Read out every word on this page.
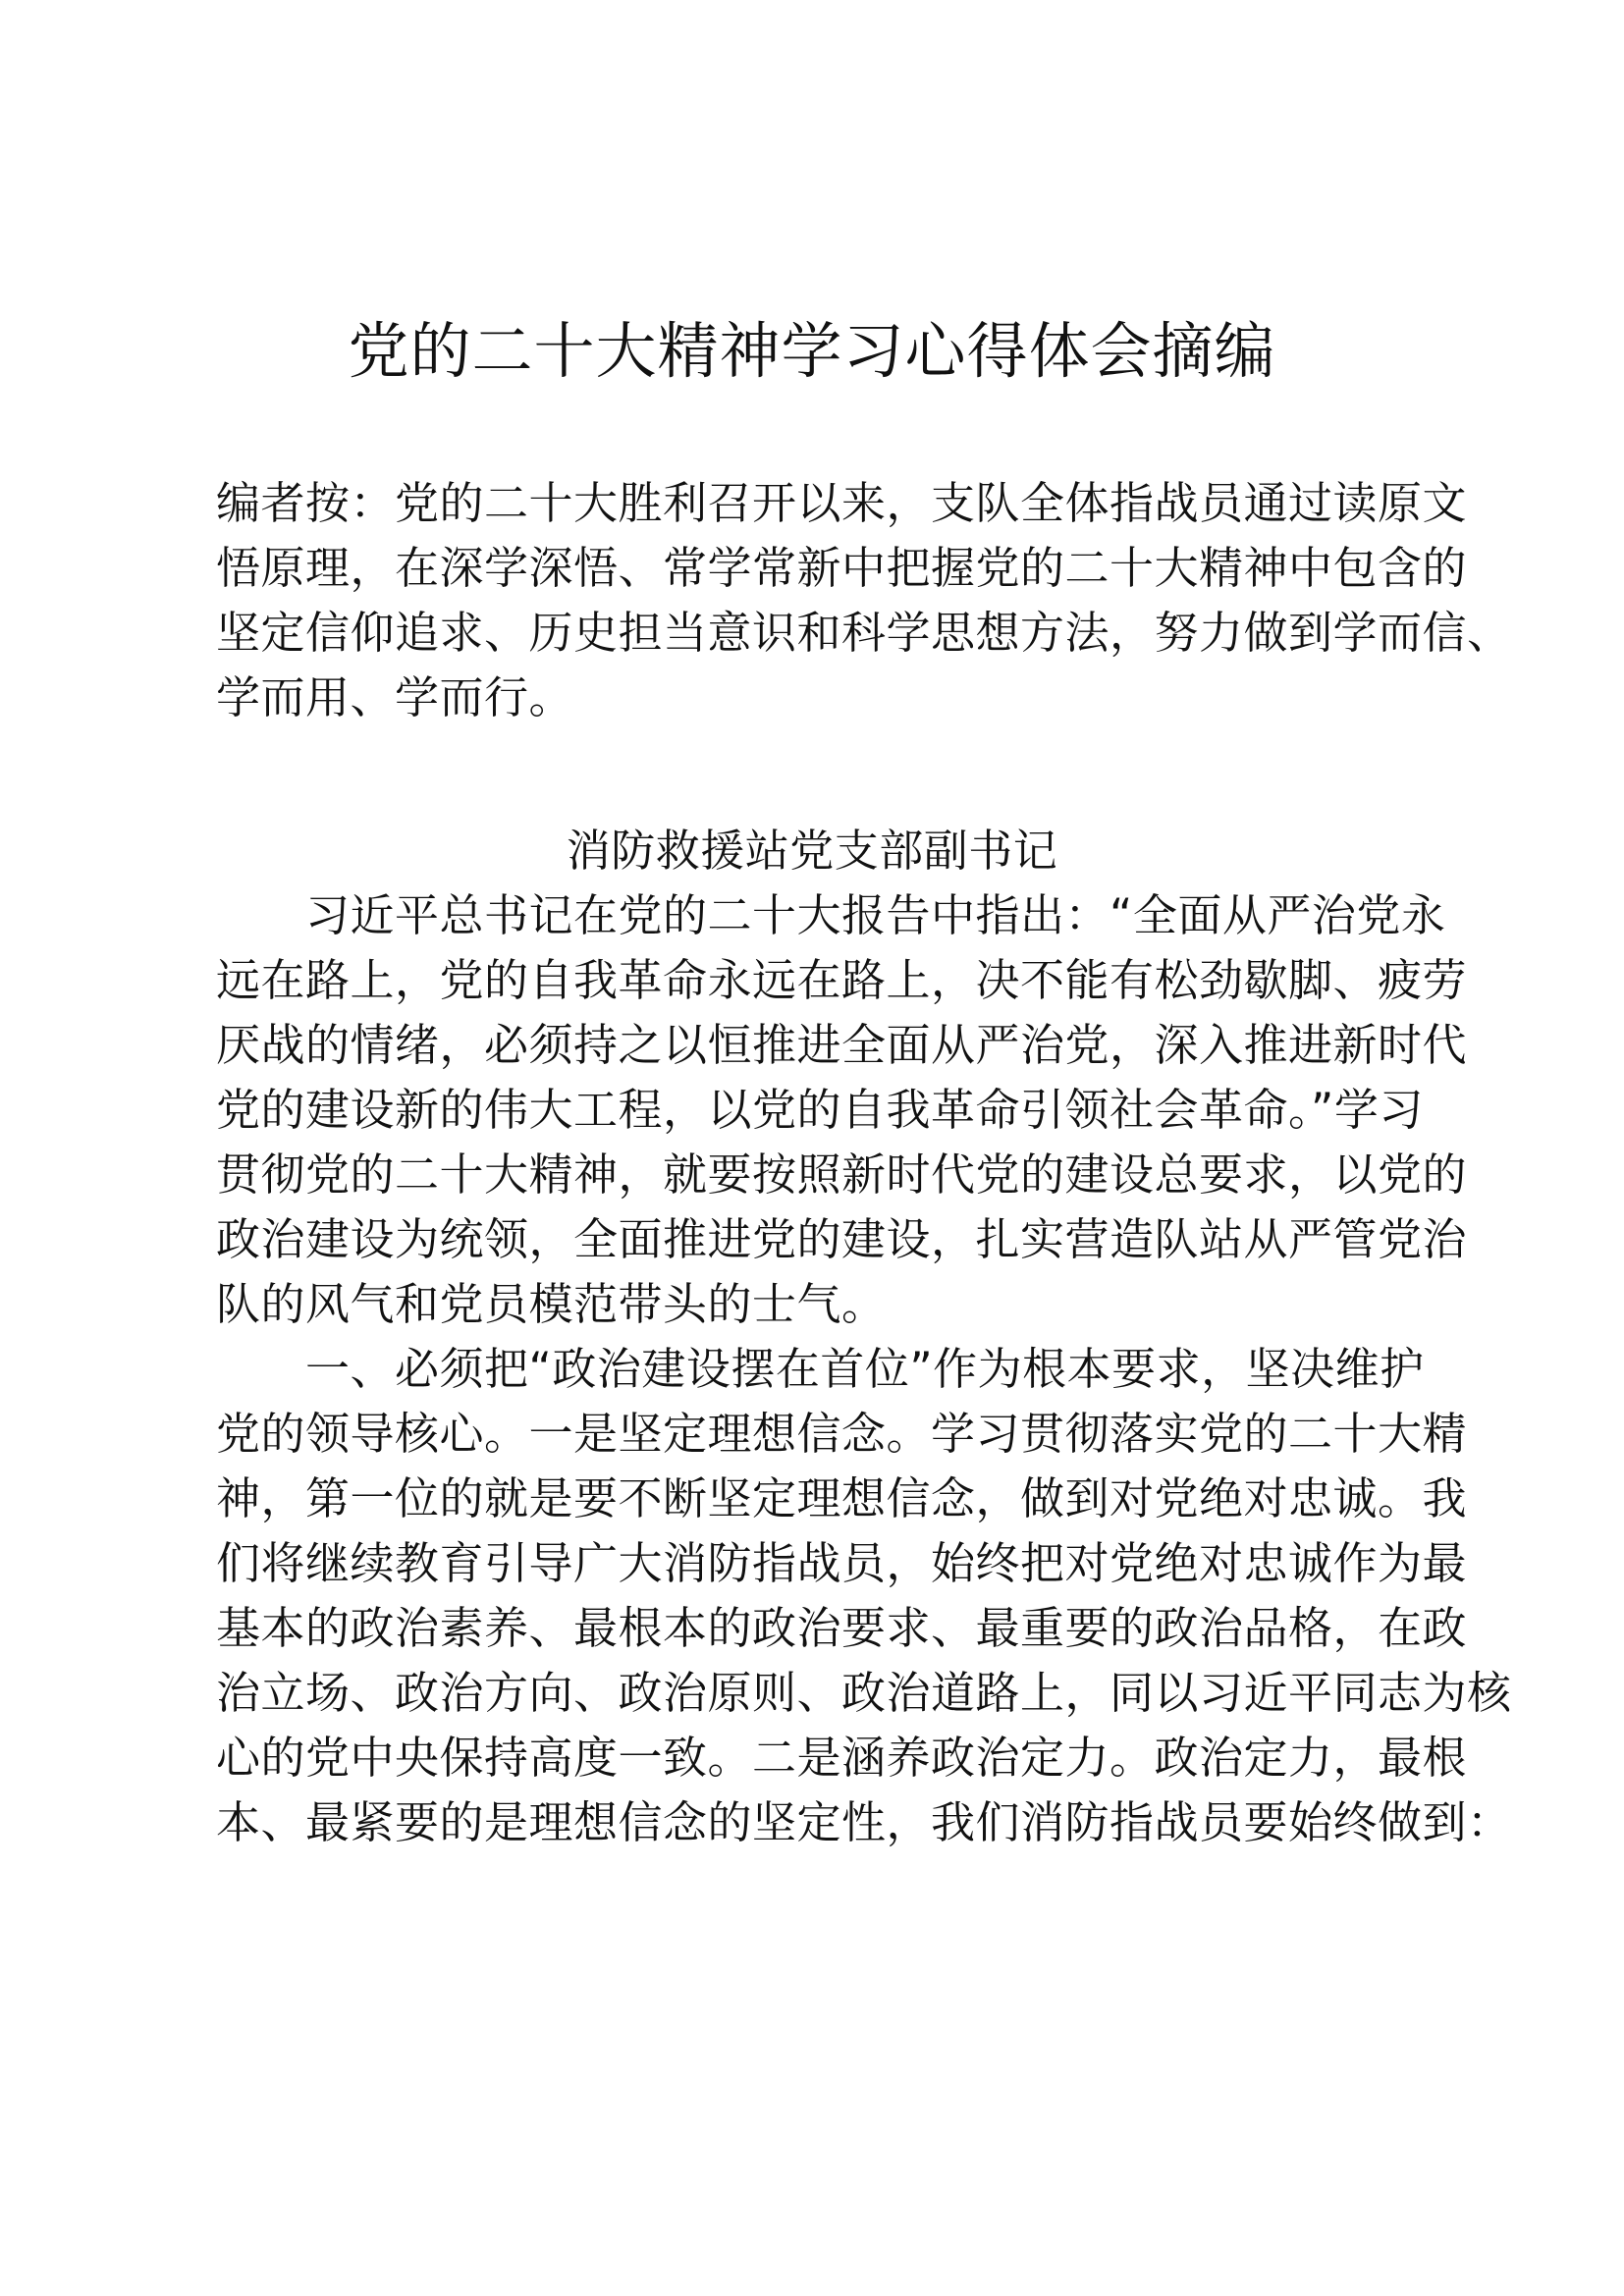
党的二十大精神学习心得体会摘编
编者按：党的二十大胜利召开以来，支队全体指战员通过读原文
悟原理，在深学深悟、常学常新中把握党的二十大精神中包含的
坚定信仰追求、历史担当意识和科学思想方法，努力做到学而信、
学而用、学而行。
消防救援站党支部副书记
　　习近平总书记在党的二十大报告中指出：“全面从严治党永
远在路上，党的自我革命永远在路上，决不能有松劲歇脚、疲劳
厌战的情绪，必须持之以恒推进全面从严治党，深入推进新时代
党的建设新的伟大工程，以党的自我革命引领社会革命。”学习
贯彻党的二十大精神，就要按照新时代党的建设总要求，以党的
政治建设为统领，全面推进党的建设，扎实营造队站从严管党治
队的风气和党员模范带头的士气。
　　一、必须把“政治建设摆在首位”作为根本要求，坚决维护
党的领导核心。一是坚定理想信念。学习贯彻落实党的二十大精
神，第一位的就是要不断坚定理想信念，做到对党绝对忠诚。我
们将继续教育引导广大消防指战员，始终把对党绝对忠诚作为最
基本的政治素养、最根本的政治要求、最重要的政治品格，在政
治立场、政治方向、政治原则、政治道路上，同以习近平同志为核
心的党中央保持高度一致。二是涵养政治定力。政治定力，最根
本、最紧要的是理想信念的坚定性，我们消防指战员要始终做到：
